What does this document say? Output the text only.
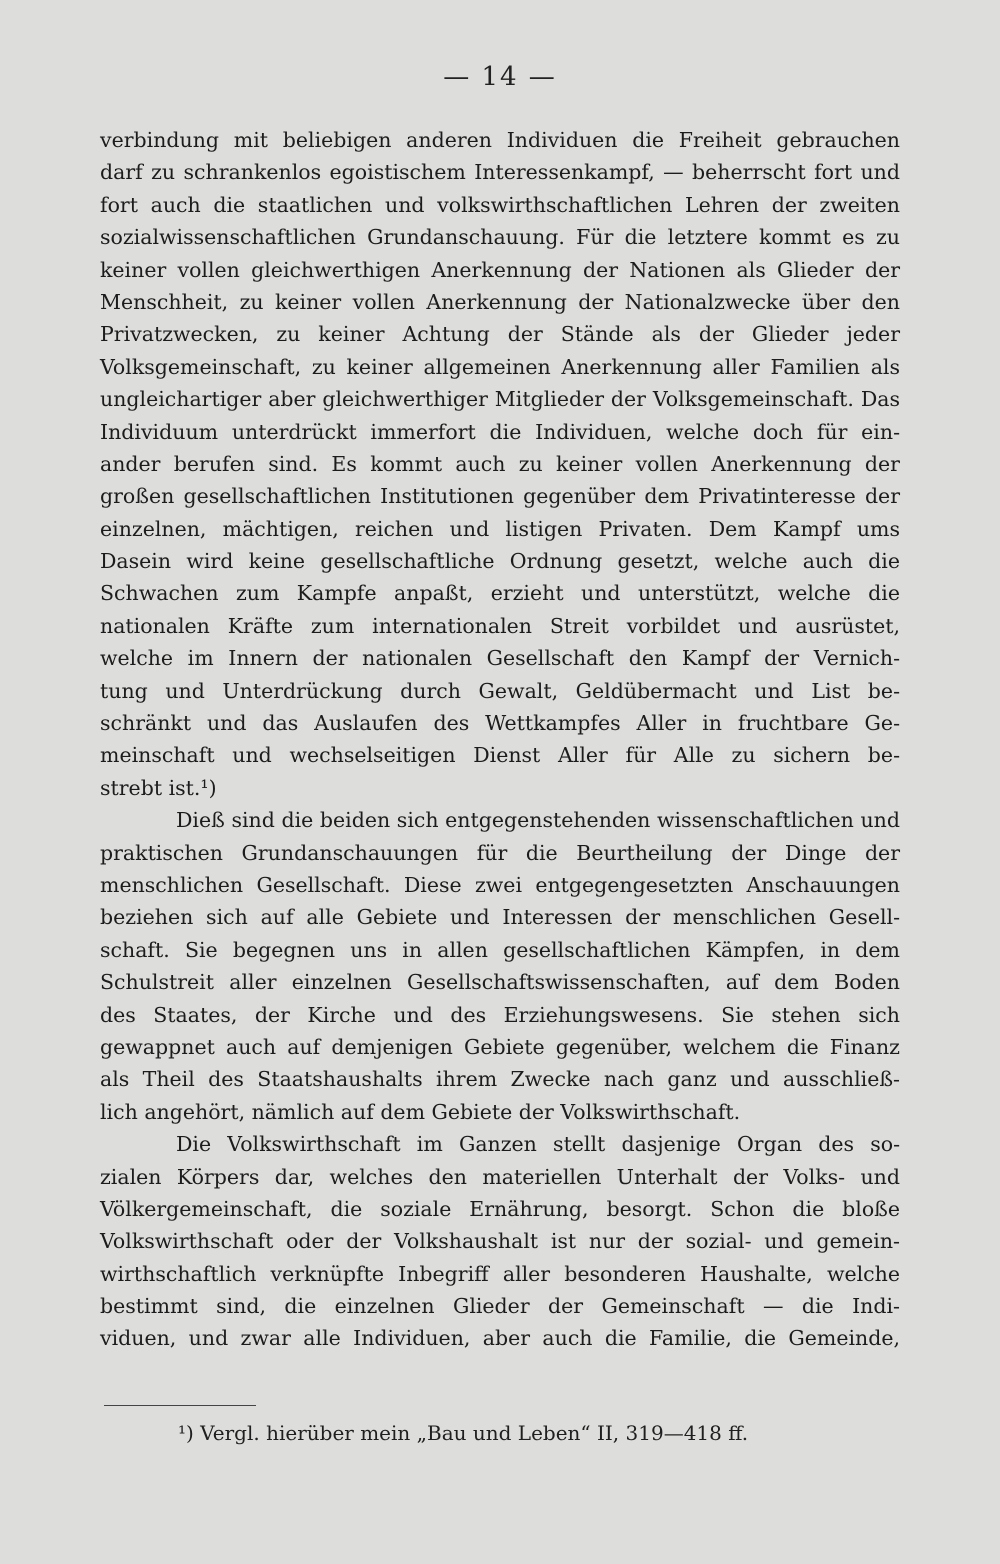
— 14 —
verbindung mit beliebigen anderen Individuen die Freiheit gebrauchen
darf zu schrankenlos egoistischem Interessenkampf, — beherrscht fort und
fort auch die staatlichen und volkswirthschaftlichen Lehren der zweiten
sozialwissenschaftlichen Grundanschauung. Für die letztere kommt es zu
keiner vollen gleichwerthigen Anerkennung der Nationen als Glieder der
Menschheit, zu keiner vollen Anerkennung der Nationalzwecke über den
Privatzwecken, zu keiner Achtung der Stände als der Glieder jeder
Volksgemeinschaft, zu keiner allgemeinen Anerkennung aller Familien als
ungleichartiger aber gleichwerthiger Mitglieder der Volksgemeinschaft. Das
Individuum unterdrückt immerfort die Individuen, welche doch für ein-
ander berufen sind. Es kommt auch zu keiner vollen Anerkennung der
großen gesellschaftlichen Institutionen gegenüber dem Privatinteresse der
einzelnen, mächtigen, reichen und listigen Privaten. Dem Kampf ums
Dasein wird keine gesellschaftliche Ordnung gesetzt, welche auch die
Schwachen zum Kampfe anpaßt, erzieht und unterstützt, welche die
nationalen Kräfte zum internationalen Streit vorbildet und ausrüstet,
welche im Innern der nationalen Gesellschaft den Kampf der Vernich-
tung und Unterdrückung durch Gewalt, Geldübermacht und List be-
schränkt und das Auslaufen des Wettkampfes Aller in fruchtbare Ge-
meinschaft und wechselseitigen Dienst Aller für Alle zu sichern be-
strebt ist.¹)
Dieß sind die beiden sich entgegenstehenden wissenschaftlichen und
praktischen Grundanschauungen für die Beurtheilung der Dinge der
menschlichen Gesellschaft. Diese zwei entgegengesetzten Anschauungen
beziehen sich auf alle Gebiete und Interessen der menschlichen Gesell-
schaft. Sie begegnen uns in allen gesellschaftlichen Kämpfen, in dem
Schulstreit aller einzelnen Gesellschaftswissenschaften, auf dem Boden
des Staates, der Kirche und des Erziehungswesens. Sie stehen sich
gewappnet auch auf demjenigen Gebiete gegenüber, welchem die Finanz
als Theil des Staatshaushalts ihrem Zwecke nach ganz und ausschließ-
lich angehört, nämlich auf dem Gebiete der Volkswirthschaft.
Die Volkswirthschaft im Ganzen stellt dasjenige Organ des so-
zialen Körpers dar, welches den materiellen Unterhalt der Volks- und
Völkergemeinschaft, die soziale Ernährung, besorgt. Schon die bloße
Volkswirthschaft oder der Volkshaushalt ist nur der sozial- und gemein-
wirthschaftlich verknüpfte Inbegriff aller besonderen Haushalte, welche
bestimmt sind, die einzelnen Glieder der Gemeinschaft — die Indi-
viduen, und zwar alle Individuen, aber auch die Familie, die Gemeinde,
¹) Vergl. hierüber mein „Bau und Leben“ II, 319—418 ff.
